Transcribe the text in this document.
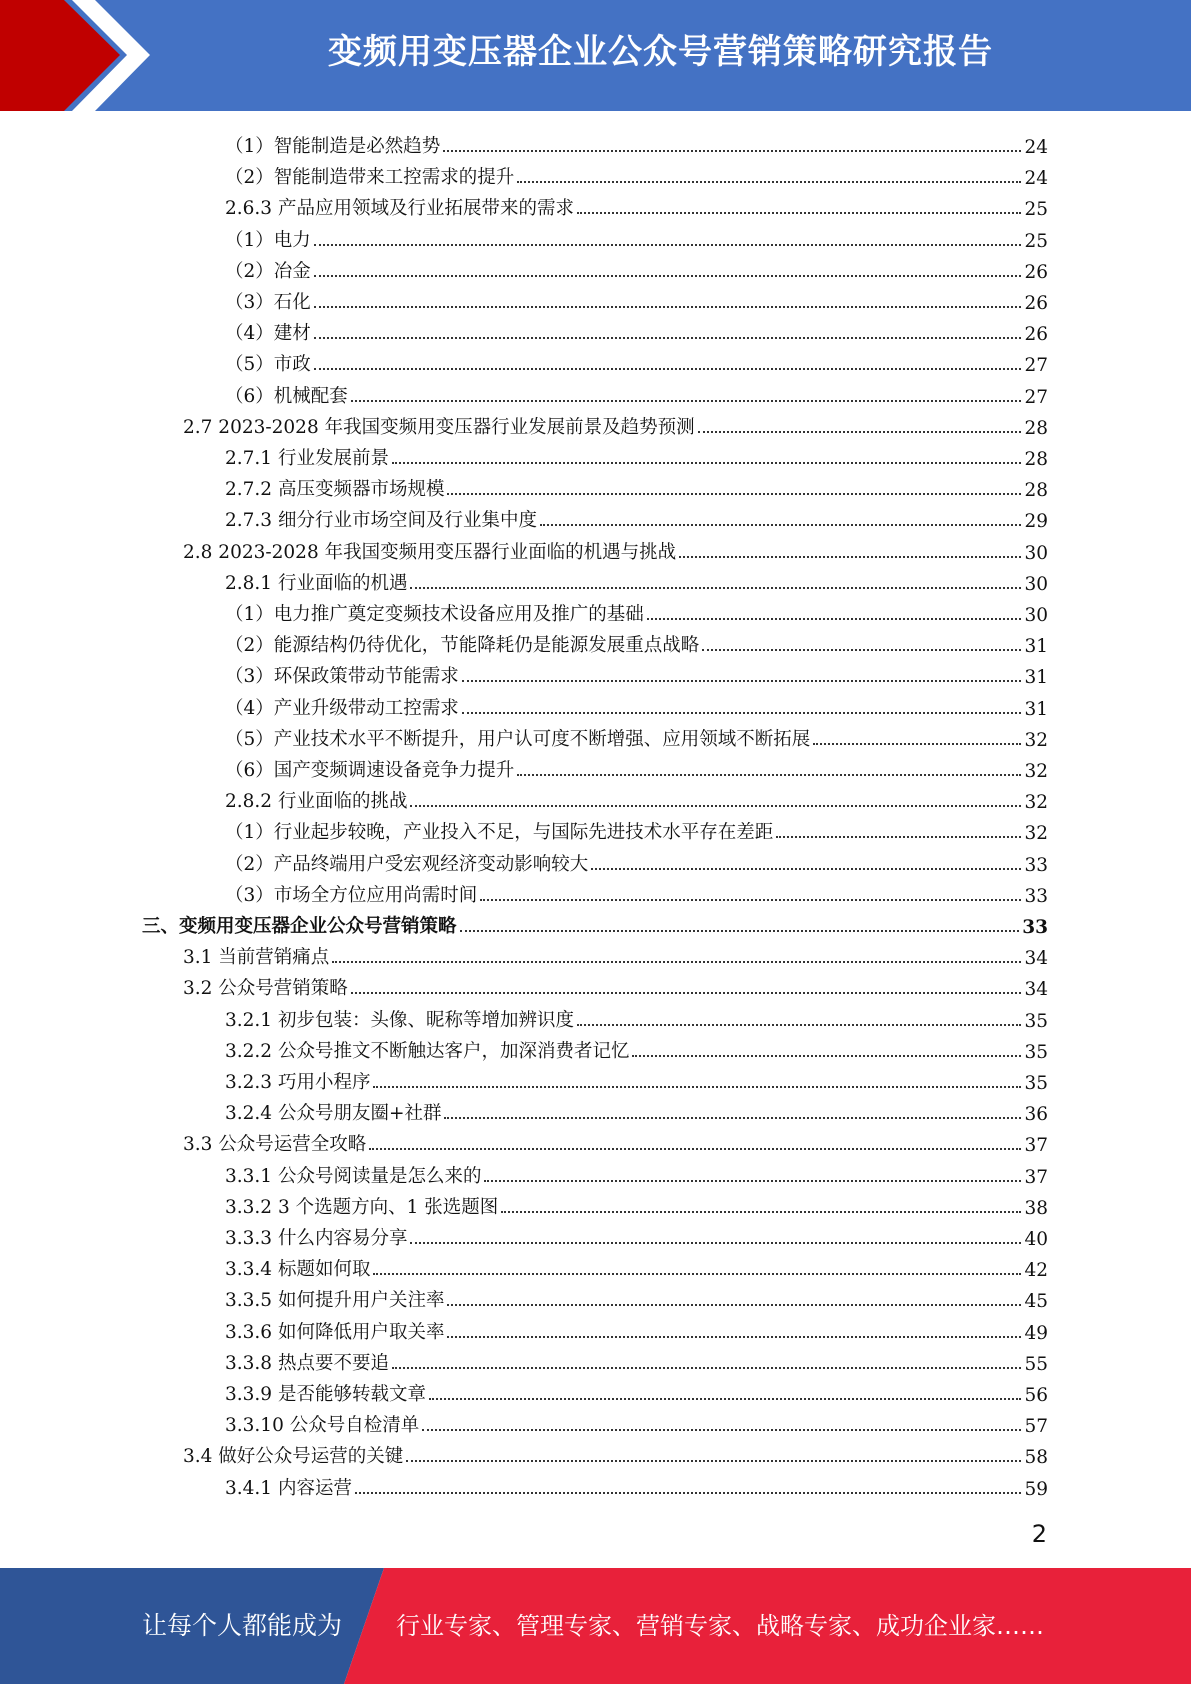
变频用变压器企业公众号营销策略研究报告
（1）智能制造是必然趋势	24
（2）智能制造带来工控需求的提升	24
2.6.3 产品应用领域及行业拓展带来的需求	25
（1）电力	25
（2）冶金	26
（3）石化	26
（4）建材	26
（5）市政	27
（6）机械配套	27
2.7 2023-2028 年我国变频用变压器行业发展前景及趋势预测	28
2.7.1 行业发展前景	28
2.7.2 高压变频器市场规模	28
2.7.3 细分行业市场空间及行业集中度	29
2.8 2023-2028 年我国变频用变压器行业面临的机遇与挑战	30
2.8.1 行业面临的机遇	30
（1）电力推广奠定变频技术设备应用及推广的基础	30
（2）能源结构仍待优化，节能降耗仍是能源发展重点战略	31
（3）环保政策带动节能需求	31
（4）产业升级带动工控需求	31
（5）产业技术水平不断提升，用户认可度不断增强、应用领域不断拓展	32
（6）国产变频调速设备竞争力提升	32
2.8.2 行业面临的挑战	32
（1）行业起步较晚，产业投入不足，与国际先进技术水平存在差距	32
（2）产品终端用户受宏观经济变动影响较大	33
（3）市场全方位应用尚需时间	33
三、变频用变压器企业公众号营销策略	33
3.1 当前营销痛点	34
3.2 公众号营销策略	34
3.2.1 初步包装：头像、昵称等增加辨识度	35
3.2.2 公众号推文不断触达客户，加深消费者记忆	35
3.2.3 巧用小程序	35
3.2.4 公众号朋友圈+社群	36
3.3 公众号运营全攻略	37
3.3.1 公众号阅读量是怎么来的	37
3.3.2 3 个选题方向、1 张选题图	38
3.3.3 什么内容易分享	40
3.3.4 标题如何取	42
3.3.5 如何提升用户关注率	45
3.3.6 如何降低用户取关率	49
3.3.8 热点要不要追	55
3.3.9 是否能够转载文章	56
3.3.10 公众号自检清单	57
3.4 做好公众号运营的关键	58
3.4.1 内容运营	59
2
让每个人都能成为 行业专家、管理专家、营销专家、战略专家、成功企业家……
